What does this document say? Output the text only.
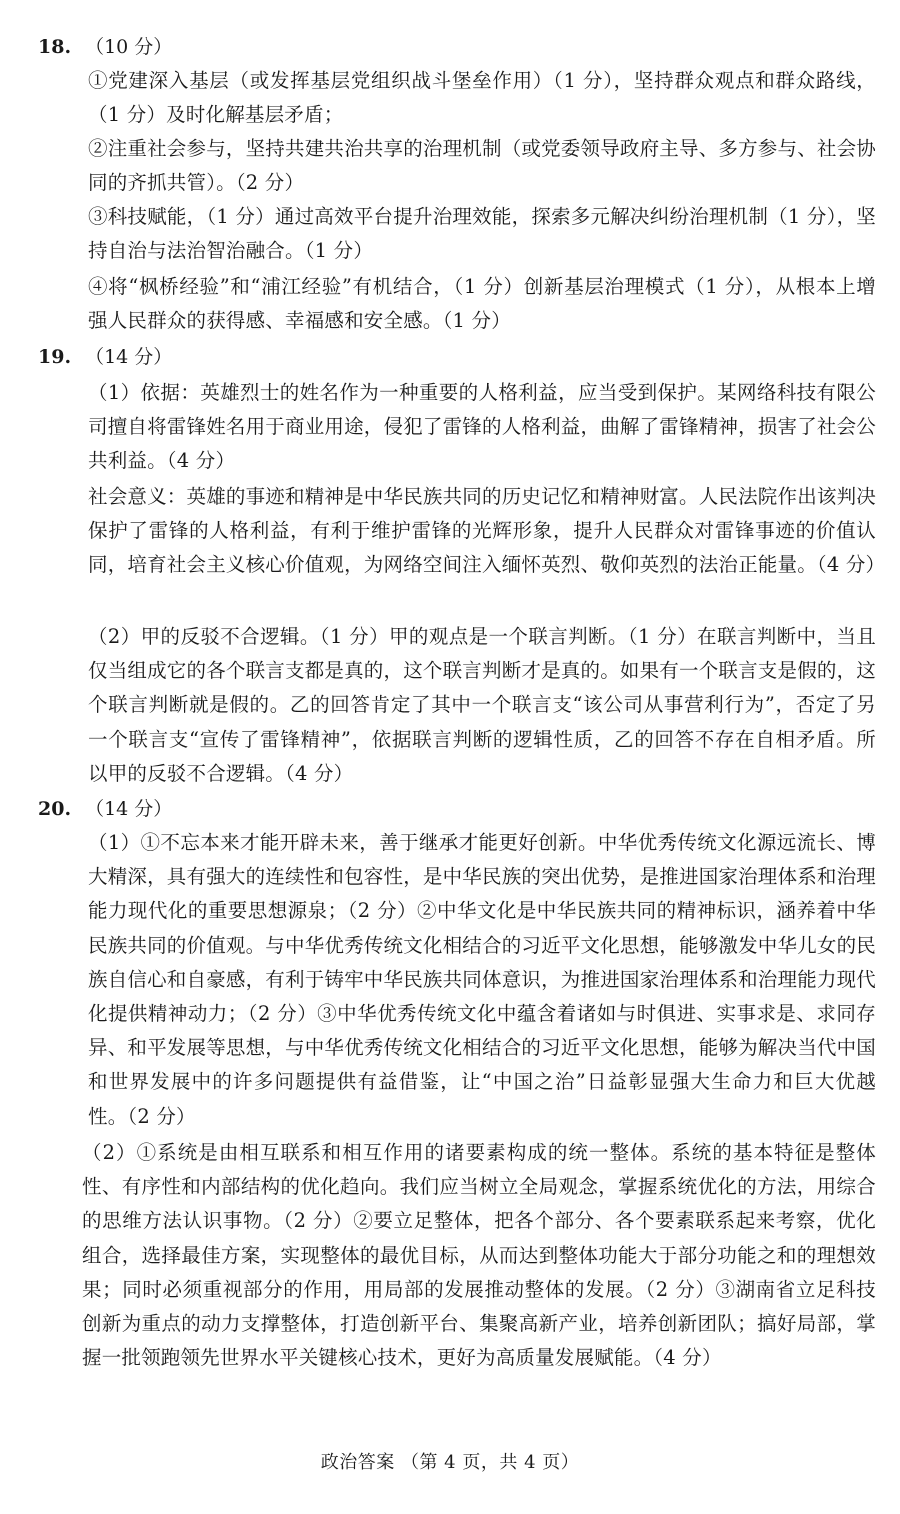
18. （10 分）
①党建深入基层（或发挥基层党组织战斗堡垒作用）（1 分），坚持群众观点和群众路线，（1 分）及时化解基层矛盾；
②注重社会参与，坚持共建共治共享的治理机制（或党委领导政府主导、多方参与、社会协同的齐抓共管）。（2 分）
③科技赋能，（1 分）通过高效平台提升治理效能，探索多元解决纠纷治理机制（1 分），坚持自治与法治智治融合。（1 分）
④将“枫桥经验”和“浦江经验”有机结合，（1 分）创新基层治理模式（1 分），从根本上增强人民群众的获得感、幸福感和安全感。（1 分）
19. （14 分）
（1）依据：英雄烈士的姓名作为一种重要的人格利益，应当受到保护。某网络科技有限公司擅自将雷锋姓名用于商业用途，侵犯了雷锋的人格利益，曲解了雷锋精神，损害了社会公共利益。（4 分）
社会意义：英雄的事迹和精神是中华民族共同的历史记忆和精神财富。人民法院作出该判决保护了雷锋的人格利益，有利于维护雷锋的光辉形象，提升人民群众对雷锋事迹的价值认同，培育社会主义核心价值观，为网络空间注入缅怀英烈、敬仰英烈的法治正能量。（4 分）
（2）甲的反驳不合逻辑。（1 分）甲的观点是一个联言判断。（1 分）在联言判断中，当且仅当组成它的各个联言支都是真的，这个联言判断才是真的。如果有一个联言支是假的，这个联言判断就是假的。乙的回答肯定了其中一个联言支“该公司从事营利行为”，否定了另一个联言支“宣传了雷锋精神”，依据联言判断的逻辑性质，乙的回答不存在自相矛盾。所以甲的反驳不合逻辑。（4 分）
20. （14 分）
（1）①不忘本来才能开辟未来，善于继承才能更好创新。中华优秀传统文化源远流长、博大精深，具有强大的连续性和包容性，是中华民族的突出优势，是推进国家治理体系和治理能力现代化的重要思想源泉；（2 分）②中华文化是中华民族共同的精神标识，涵养着中华民族共同的价值观。与中华优秀传统文化相结合的习近平文化思想，能够激发中华儿女的民族自信心和自豪感，有利于铸牢中华民族共同体意识，为推进国家治理体系和治理能力现代化提供精神动力；（2 分）③中华优秀传统文化中蕴含着诸如与时俱进、实事求是、求同存异、和平发展等思想，与中华优秀传统文化相结合的习近平文化思想，能够为解决当代中国和世界发展中的许多问题提供有益借鉴，让“中国之治”日益彰显强大生命力和巨大优越性。（2 分）
（2）①系统是由相互联系和相互作用的诸要素构成的统一整体。系统的基本特征是整体性、有序性和内部结构的优化趋向。我们应当树立全局观念，掌握系统优化的方法，用综合的思维方法认识事物。（2 分）②要立足整体，把各个部分、各个要素联系起来考察，优化组合，选择最佳方案，实现整体的最优目标，从而达到整体功能大于部分功能之和的理想效果；同时必须重视部分的作用，用局部的发展推动整体的发展。（2 分）③湖南省立足科技创新为重点的动力支撑整体，打造创新平台、集聚高新产业，培养创新团队；搞好局部，掌握一批领跑领先世界水平关键核心技术，更好为高质量发展赋能。（4 分）
政治答案 （第 4 页，共 4 页）
